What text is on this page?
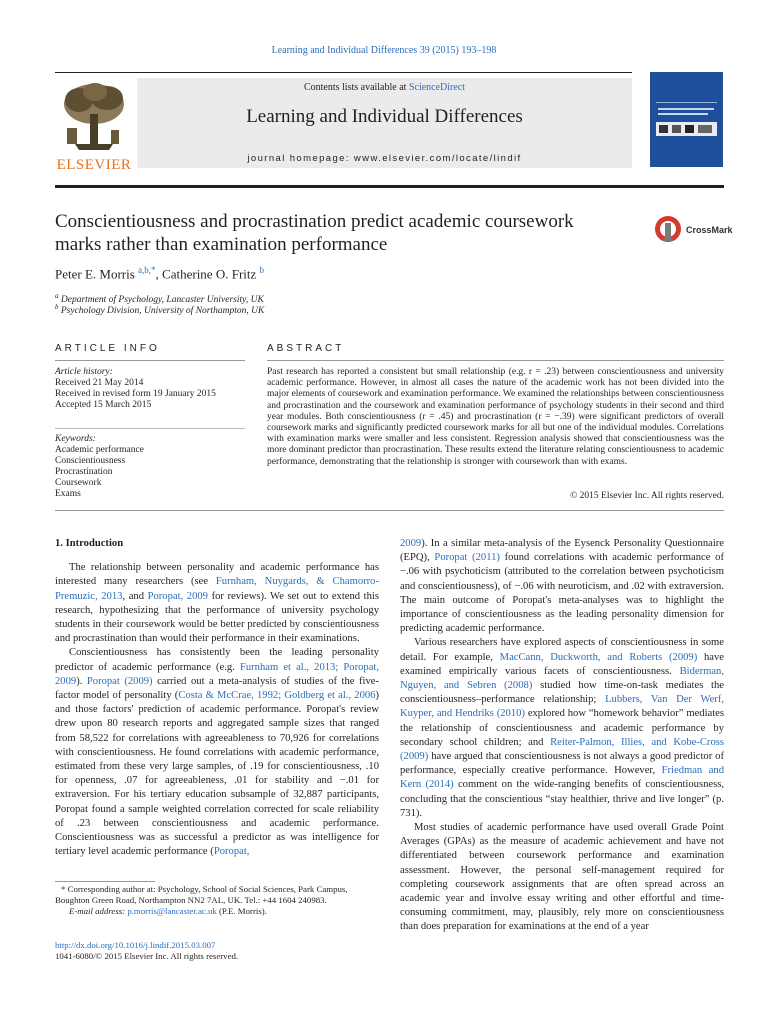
Learning and Individual Differences 39 (2015) 193–198
ELSEVIER
Contents lists available at ScienceDirect
Learning and Individual Differences
journal homepage: www.elsevier.com/locate/lindif
Conscientiousness and procrastination predict academic coursework marks rather than examination performance
CrossMark
Peter E. Morris $^{a,b,*}$, Catherine O. Fritz $^b$
$^a$ Department of Psychology, Lancaster University, UK
$^b$ Psychology Division, University of Northampton, UK
ARTICLE INFO	ABSTRACT
Article history:
Received 21 May 2014
Received in revised form 19 January 2015
Accepted 15 March 2015
Keywords:
Academic performance
Conscientiousness
Procrastination
Coursework
Exams
Past research has reported a consistent but small relationship (e.g. r = .23) between conscientiousness and university academic performance. However, in almost all cases the nature of the academic work has not been divided into the major elements of coursework and examination performance. We examined the relationships between conscientiousness and procrastination and the coursework and examination performance of psychology students in their second and third year modules. Both conscientiousness (r = .45) and procrastination (r = −.39) were significant predictors of overall coursework marks and significantly predicted coursework marks for all but one of the individual modules. Correlations with examination marks were smaller and less consistent. Regression analysis showed that conscientiousness was the more dominant predictor than procrastination. These results extend the literature relating conscientiousness to academic performance, demonstrating that the relationship is stronger with coursework than with exams.
© 2015 Elsevier Inc. All rights reserved.
1. Introduction

The relationship between personality and academic performance has interested many researchers (see Furnham, Nuygards, & Chamorro-Premuzic, 2013, and Poropat, 2009 for reviews). We set out to extend this research, hypothesizing that the performance of university psychology students in their coursework would be better predicted by conscientiousness and procrastination than would their performance in their examinations.

Conscientiousness has consistently been the leading personality predictor of academic performance (e.g. Furnham et al., 2013; Poropat, 2009). Poropat (2009) carried out a meta-analysis of studies of the five-factor model of personality (Costa & McCrae, 1992; Goldberg et al., 2006) and those factors' prediction of academic performance. Poropat's review drew upon 80 research reports and aggregated sample sizes that ranged from 58,522 for correlations with agreeableness to 70,926 for correlations with conscientiousness. He found correlations with academic performance, estimated from these very large samples, of .19 for conscientiousness, .10 for openness, .07 for agreeableness, .01 for stability and −.01 for extraversion. For his tertiary education subsample of 32,887 participants, Poropat found a sample weighted correlation corrected for scale reliability of .23 between conscientiousness and academic performance. Conscientiousness was as successful a predictor as was intelligence for tertiary level academic performance (Poropat,

* Corresponding author at: Psychology, School of Social Sciences, Park Campus, Boughton Green Road, Northampton NN2 7AL, UK. Tel.: +44 1604 240983.
E-mail address: p.morris@lancaster.ac.uk (P.E. Morris).
http://dx.doi.org/10.1016/j.lindif.2015.03.007
1041-6080/© 2015 Elsevier Inc. All rights reserved.

2009). In a similar meta-analysis of the Eysenck Personality Questionnaire (EPQ), Poropat (2011) found correlations with academic performance of −.06 with psychoticism (attributed to the correlation between psychoticism and conscientiousness), of −.06 with neuroticism, and .02 with extraversion. The main outcome of Poropat's meta-analyses was to highlight the importance of conscientiousness as the leading personality dimension for predicting academic performance.

Various researchers have explored aspects of conscientiousness in some detail. For example, MacCann, Duckworth, and Roberts (2009) have examined empirically various facets of conscientiousness. Biderman, Nguyen, and Sebren (2008) studied how time-on-task mediates the conscientiousness–performance relationship; Lubbers, Van Der Werf, Kuyper, and Hendriks (2010) explored how “homework behavior” mediates the relationship of conscientiousness and academic performance by secondary school children; and Reiter-Palmon, Illies, and Kobe-Cross (2009) have argued that conscientiousness is not always a good predictor of performance, especially creative performance. However, Friedman and Kern (2014) comment on the wide-ranging benefits of conscientiousness, concluding that the conscientious “stay healthier, thrive and live longer” (p. 731).

Most studies of academic performance have used overall Grade Point Averages (GPAs) as the measure of academic achievement and have not differentiated between coursework performance and examination assessment. However, the personal self-management required for completing coursework assignments that are often spread across an academic year and involve essay writing and other effortful and time-consuming commitment, may, plausibly, rely more on conscientiousness than does preparation for examinations at the end of a year
